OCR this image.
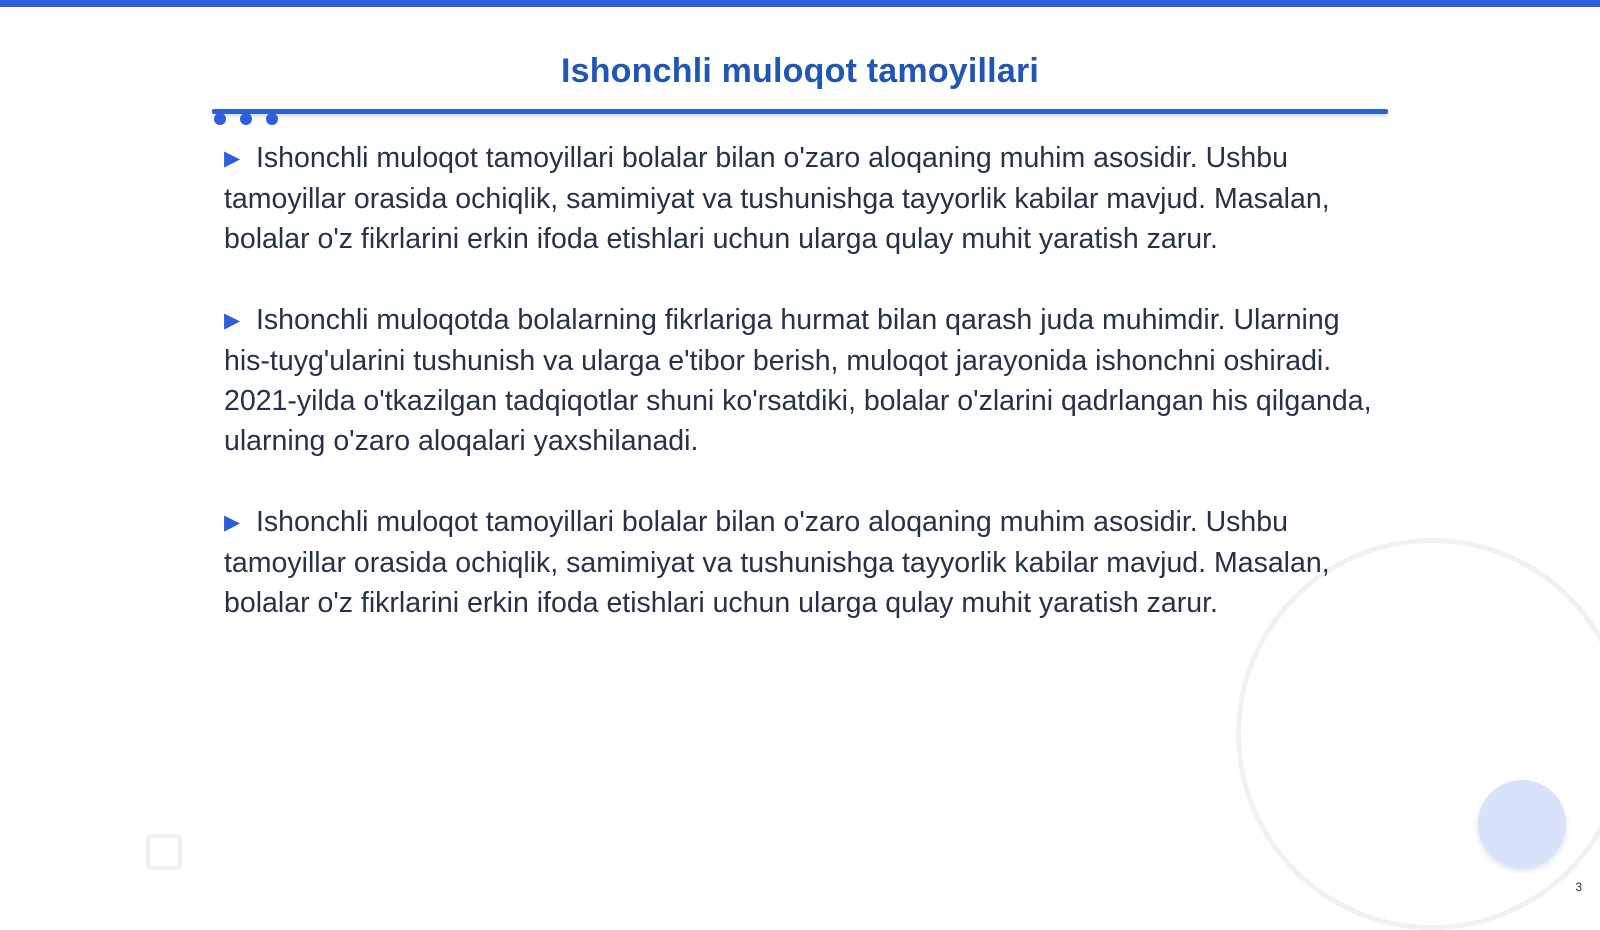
Ishonchli muloqot tamoyillari

▶ Ishonchli muloqot tamoyillari bolalar bilan o'zaro aloqaning muhim asosidir. Ushbu tamoyillar orasida ochiqlik, samimiyat va tushunishga tayyorlik kabilar mavjud. Masalan, bolalar o'z fikrlarini erkin ifoda etishlari uchun ularga qulay muhit yaratish zarur.

▶ Ishonchli muloqotda bolalarning fikrlariga hurmat bilan qarash juda muhimdir. Ularning his-tuyg'ularini tushunish va ularga e'tibor berish, muloqot jarayonida ishonchni oshiradi. 2021-yilda o'tkazilgan tadqiqotlar shuni ko'rsatdiki, bolalar o'zlarini qadrlangan his qilganda, ularning o'zaro aloqalari yaxshilanadi.

▶ Ishonchli muloqot tamoyillari bolalar bilan o'zaro aloqaning muhim asosidir. Ushbu tamoyillar orasida ochiqlik, samimiyat va tushunishga tayyorlik kabilar mavjud. Masalan, bolalar o'z fikrlarini erkin ifoda etishlari uchun ularga qulay muhit yaratish zarur.

3
